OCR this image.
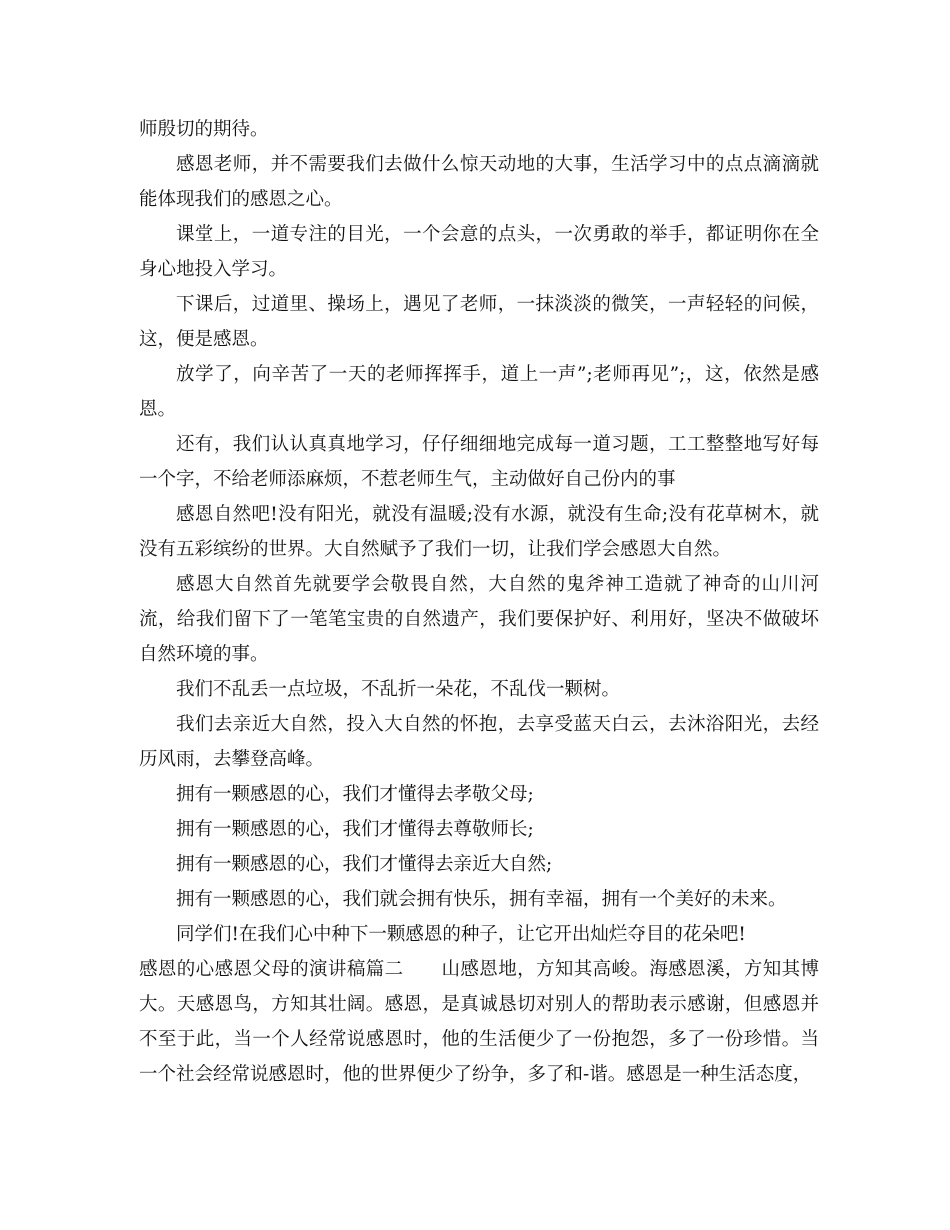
师殷切的期待。

感恩老师，并不需要我们去做什么惊天动地的大事，生活学习中的点点滴滴就能体现我们的感恩之心。

课堂上，一道专注的目光，一个会意的点头，一次勇敢的举手，都证明你在全身心地投入学习。

下课后，过道里、操场上，遇见了老师，一抹淡淡的微笑，一声轻轻的问候，这，便是感恩。

放学了，向辛苦了一天的老师挥挥手，道上一声”;老师再见”;，这，依然是感恩。

还有，我们认认真真地学习，仔仔细细地完成每一道习题，工工整整地写好每一个字，不给老师添麻烦，不惹老师生气，主动做好自己份内的事

感恩自然吧!没有阳光，就没有温暖;没有水源，就没有生命;没有花草树木，就没有五彩缤纷的世界。大自然赋予了我们一切，让我们学会感恩大自然。

感恩大自然首先就要学会敬畏自然，大自然的鬼斧神工造就了神奇的山川河流，给我们留下了一笔笔宝贵的自然遗产，我们要保护好、利用好，坚决不做破坏自然环境的事。

我们不乱丢一点垃圾，不乱折一朵花，不乱伐一颗树。

我们去亲近大自然，投入大自然的怀抱，去享受蓝天白云，去沐浴阳光，去经历风雨，去攀登高峰。

拥有一颗感恩的心，我们才懂得去孝敬父母;

拥有一颗感恩的心，我们才懂得去尊敬师长;

拥有一颗感恩的心，我们才懂得去亲近大自然;

拥有一颗感恩的心，我们就会拥有快乐，拥有幸福，拥有一个美好的未来。

同学们!在我们心中种下一颗感恩的种子，让它开出灿烂夺目的花朵吧!

感恩的心感恩父母的演讲稿篇二 山感恩地，方知其高峻。海感恩溪，方知其博大。天感恩鸟，方知其壮阔。感恩，是真诚恳切对别人的帮助表示感谢，但感恩并不至于此，当一个人经常说感恩时，他的生活便少了一份抱怨，多了一份珍惜。当一个社会经常说感恩时，他的世界便少了纷争，多了和-谐。感恩是一种生活态度，
